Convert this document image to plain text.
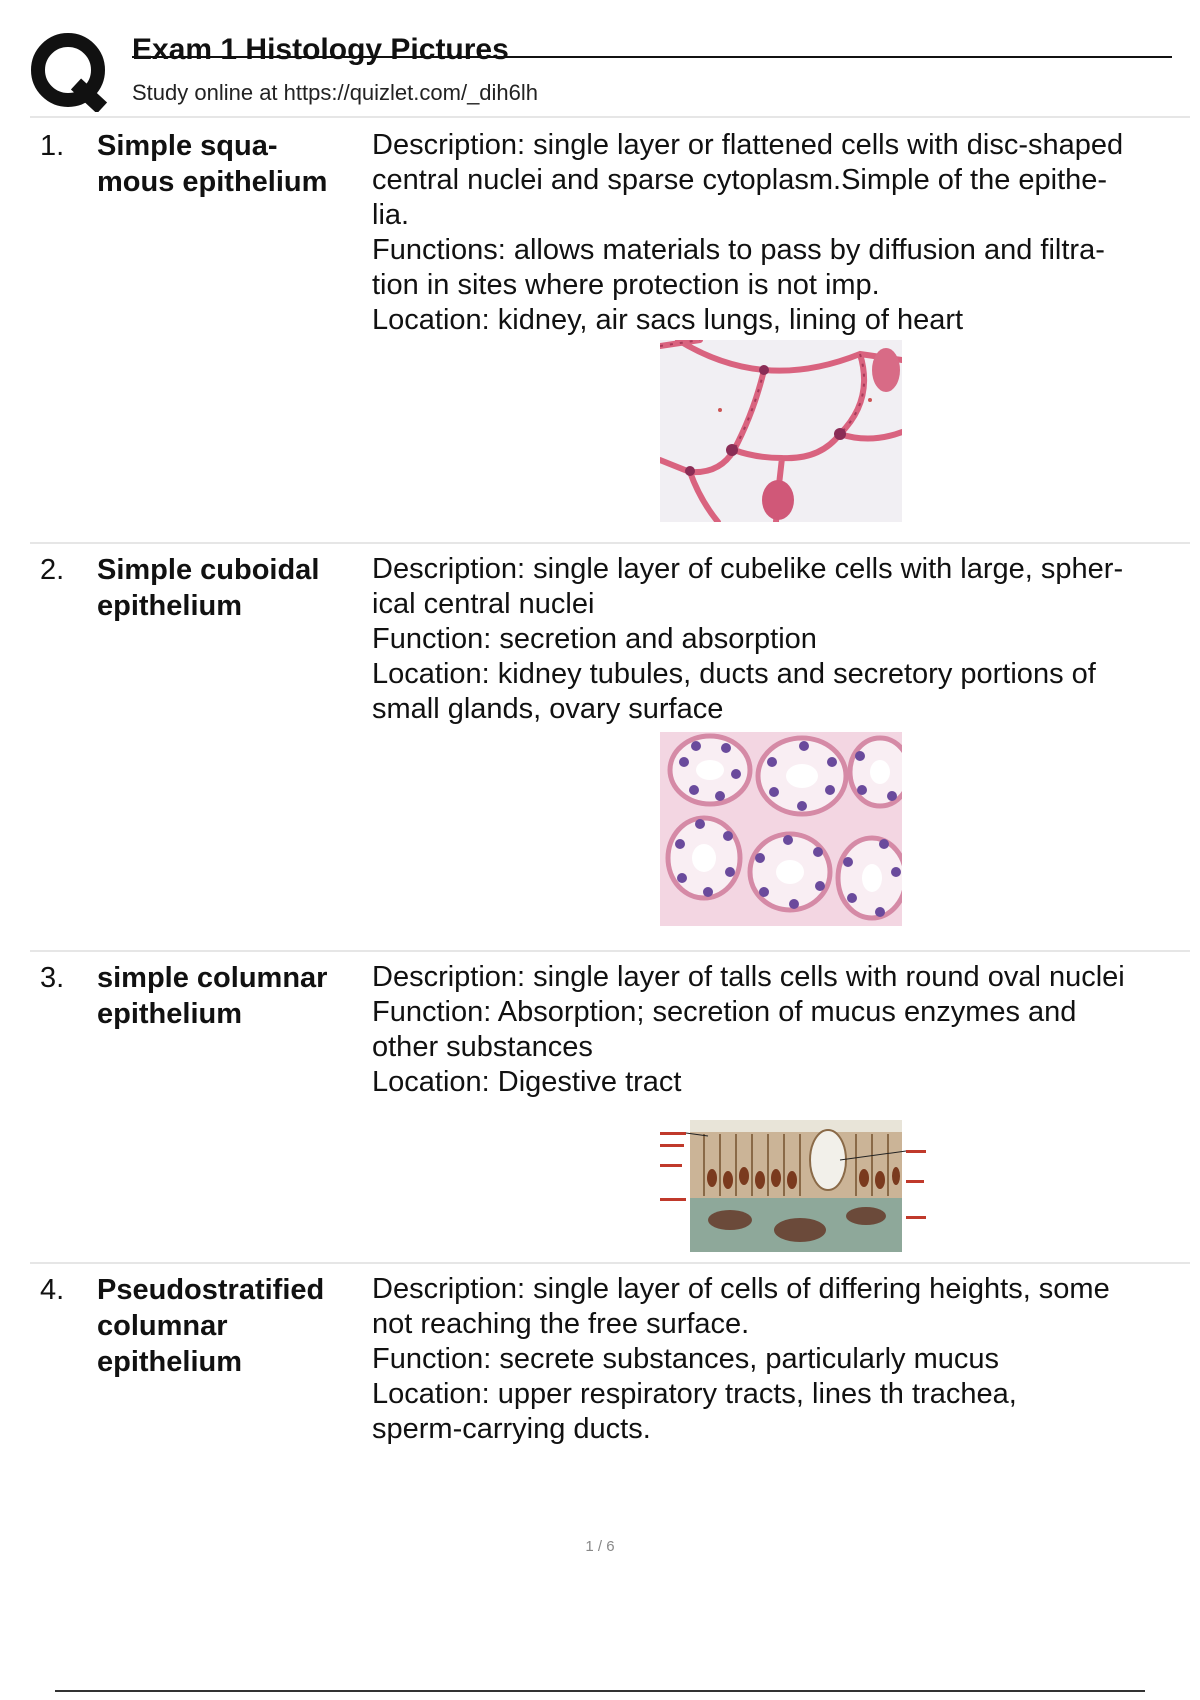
Exam 1 Histology Pictures
Study online at https://quizlet.com/_dih6lh
1. Simple squa-
mous epithelium
Description: single layer or flattened cells with disc-shaped
central nuclei and sparse cytoplasm.Simple of the epithe-
lia.
Functions: allows materials to pass by diffusion and filtra-
tion in sites where protection is not imp.
Location: kidney, air sacs lungs, lining of heart
2. Simple cuboidal
epithelium
Description: single layer of cubelike cells with large, spher-
ical central nuclei
Function: secretion and absorption
Location: kidney tubules, ducts and secretory portions of
small glands, ovary surface
3. simple columnar
epithelium
Description: single layer of talls cells with round oval nuclei
Function: Absorption; secretion of mucus enzymes and
other substances
Location: Digestive tract
4. Pseudostratified
columnar
epithelium
Description: single layer of cells of differing heights, some
not reaching the free surface.
Function: secrete substances, particularly mucus
Location: upper respiratory tracts, lines th trachea,
sperm-carrying ducts.
1 / 6
